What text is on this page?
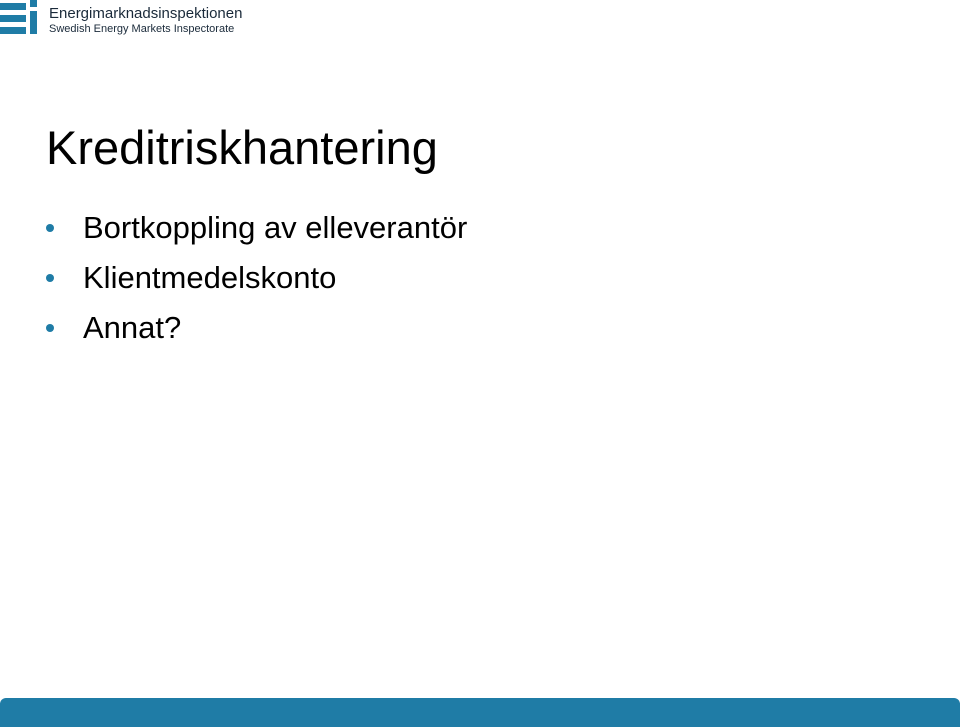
Energimarknadsinspektionen
Swedish Energy Markets Inspectorate
Kreditriskhantering
Bortkoppling av elleverantör
Klientmedelskonto
Annat?
